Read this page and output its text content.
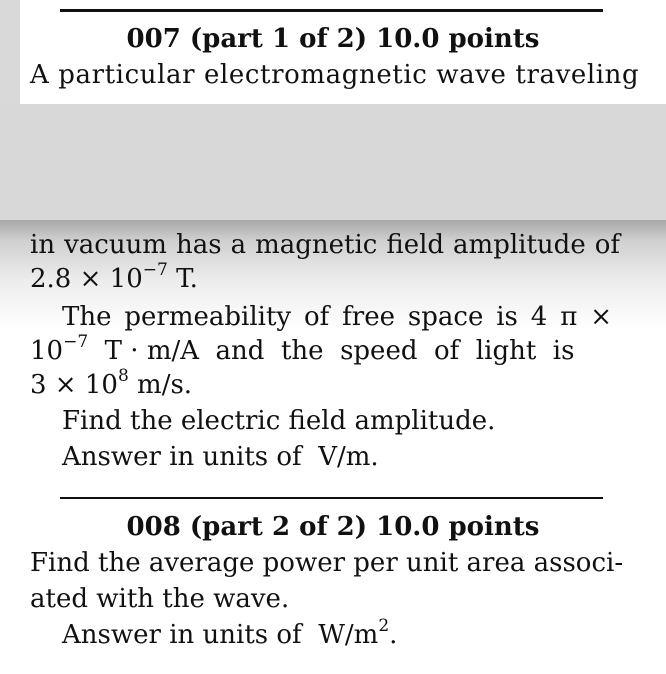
007 (part 1 of 2) 10.0 points
A particular electromagnetic wave traveling
in vacuum has a magnetic field amplitude of
$2.8 \times 10^{-7}$ T.
The permeability of free space is 4 π ×
$10^{-7}$  T · m/A  and  the  speed  of  light  is
$3 \times 10^8$ m/s.
Find the electric field amplitude.
Answer in units of  V/m.
008 (part 2 of 2) 10.0 points
Find the average power per unit area associ-
ated with the wave.
Answer in units of  $W/m^2$.
